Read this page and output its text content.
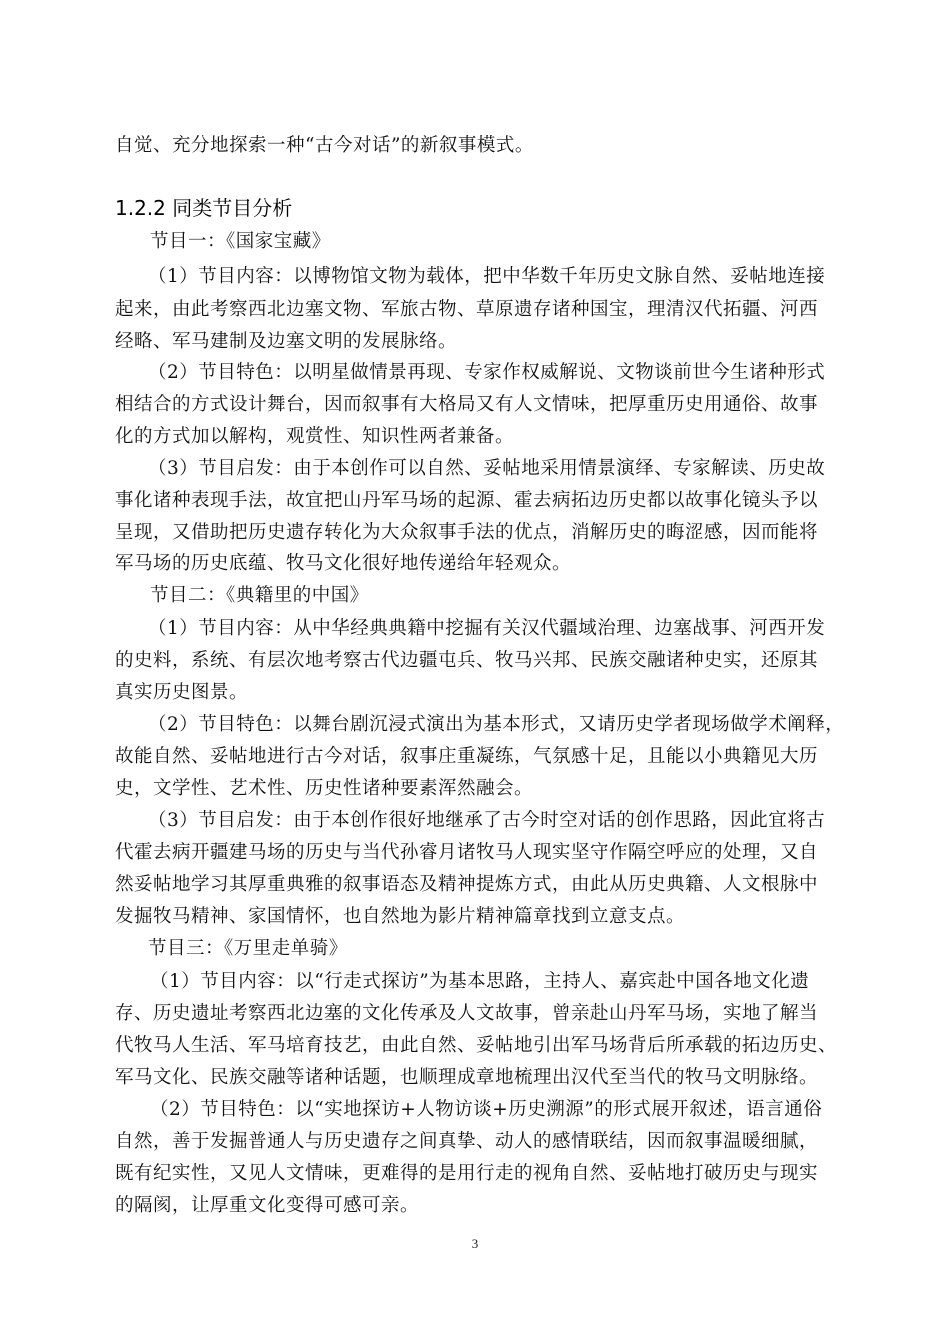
自觉、充分地探索一种“古今对话”的新叙事模式。
1.2.2 同类节目分析
节目一：《国家宝藏》
（1）节目内容：以博物馆文物为载体，把中华数千年历史文脉自然、妥帖地连接
起来，由此考察西北边塞文物、军旅古物、草原遗存诸种国宝，理清汉代拓疆、河西
经略、军马建制及边塞文明的发展脉络。
（2）节目特色：以明星做情景再现、专家作权威解说、文物谈前世今生诸种形式
相结合的方式设计舞台，因而叙事有大格局又有人文情味，把厚重历史用通俗、故事
化的方式加以解构，观赏性、知识性两者兼备。
（3）节目启发：由于本创作可以自然、妥帖地采用情景演绎、专家解读、历史故
事化诸种表现手法，故宜把山丹军马场的起源、霍去病拓边历史都以故事化镜头予以
呈现，又借助把历史遗存转化为大众叙事手法的优点，消解历史的晦涩感，因而能将
军马场的历史底蕴、牧马文化很好地传递给年轻观众。
节目二：《典籍里的中国》
（1）节目内容：从中华经典典籍中挖掘有关汉代疆域治理、边塞战事、河西开发
的史料，系统、有层次地考察古代边疆屯兵、牧马兴邦、民族交融诸种史实，还原其
真实历史图景。
（2）节目特色：以舞台剧沉浸式演出为基本形式，又请历史学者现场做学术阐释，
故能自然、妥帖地进行古今对话，叙事庄重凝练，气氛感十足，且能以小典籍见大历
史，文学性、艺术性、历史性诸种要素浑然融会。
（3）节目启发：由于本创作很好地继承了古今时空对话的创作思路，因此宜将古
代霍去病开疆建马场的历史与当代孙睿月诸牧马人现实坚守作隔空呼应的处理，又自
然妥帖地学习其厚重典雅的叙事语态及精神提炼方式，由此从历史典籍、人文根脉中
发掘牧马精神、家国情怀，也自然地为影片精神篇章找到立意支点。
节目三：《万里走单骑》
（1）节目内容：以“行走式探访”为基本思路，主持人、嘉宾赴中国各地文化遗
存、历史遗址考察西北边塞的文化传承及人文故事，曾亲赴山丹军马场，实地了解当
代牧马人生活、军马培育技艺，由此自然、妥帖地引出军马场背后所承载的拓边历史、
军马文化、民族交融等诸种话题，也顺理成章地梳理出汉代至当代的牧马文明脉络。
（2）节目特色：以“实地探访+人物访谈+历史溯源”的形式展开叙述，语言通俗
自然，善于发掘普通人与历史遗存之间真挚、动人的感情联结，因而叙事温暖细腻，
既有纪实性，又见人文情味，更难得的是用行走的视角自然、妥帖地打破历史与现实
的隔阂，让厚重文化变得可感可亲。
3
